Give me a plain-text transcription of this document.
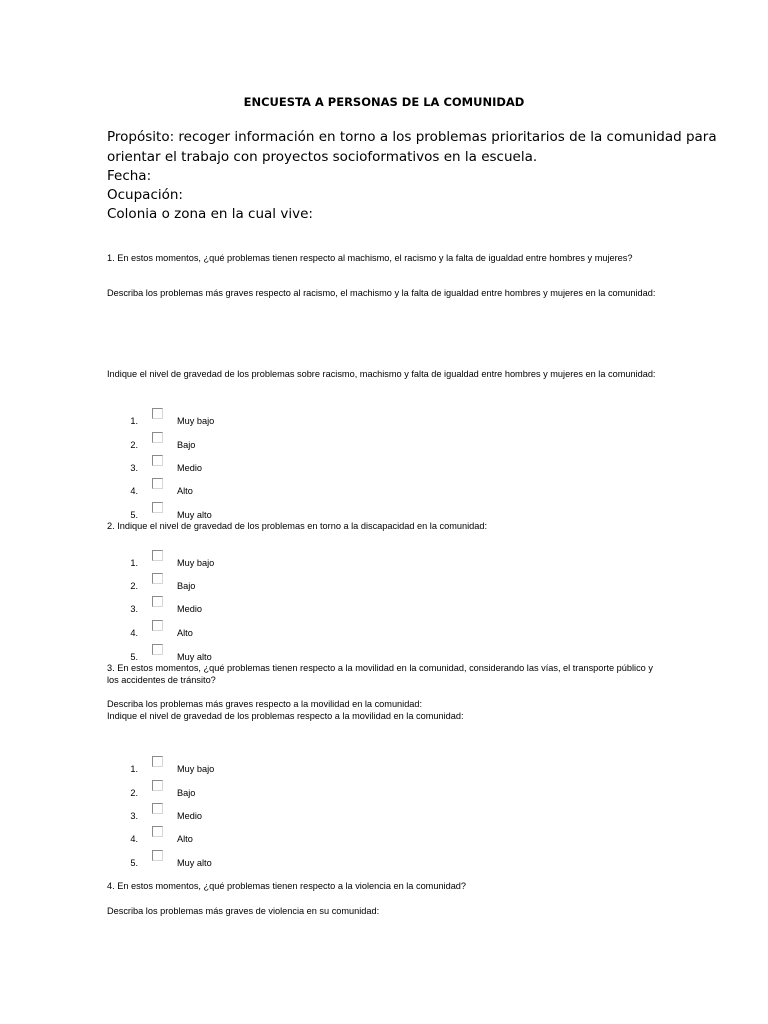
ENCUESTA A PERSONAS DE LA COMUNIDAD

Propósito: recoger información en torno a los problemas prioritarios de la comunidad para

orientar el trabajo con proyectos socioformativos en la escuela.

Fecha:

Ocupación:

Colonia o zona en la cual vive:

1. En estos momentos, ¿qué problemas tienen respecto al machismo, el racismo y la falta de igualdad entre hombres y mujeres?

Describa los problemas más graves respecto al racismo, el machismo y la falta de igualdad entre hombres y mujeres en la comunidad:

Indique el nivel de gravedad de los problemas sobre racismo, machismo y falta de igualdad entre hombres y mujeres en la comunidad:

1.	Muy bajo
2.	Bajo
3.	Medio
4.	Alto
5.	Muy alto

2. Indique el nivel de gravedad de los problemas en torno a la discapacidad en la comunidad:

1.	Muy bajo
2.	Bajo
3.	Medio
4.	Alto
5.	Muy alto

3. En estos momentos, ¿qué problemas tienen respecto a la movilidad en la comunidad, considerando las vías, el transporte público y los accidentes de tránsito?

Describa los problemas más graves respecto a la movilidad en la comunidad:

Indique el nivel de gravedad de los problemas respecto a la movilidad en la comunidad:

1.	Muy bajo
2.	Bajo
3.	Medio
4.	Alto
5.	Muy alto

4. En estos momentos, ¿qué problemas tienen respecto a la violencia en la comunidad?

Describa los problemas más graves de violencia en su comunidad:
